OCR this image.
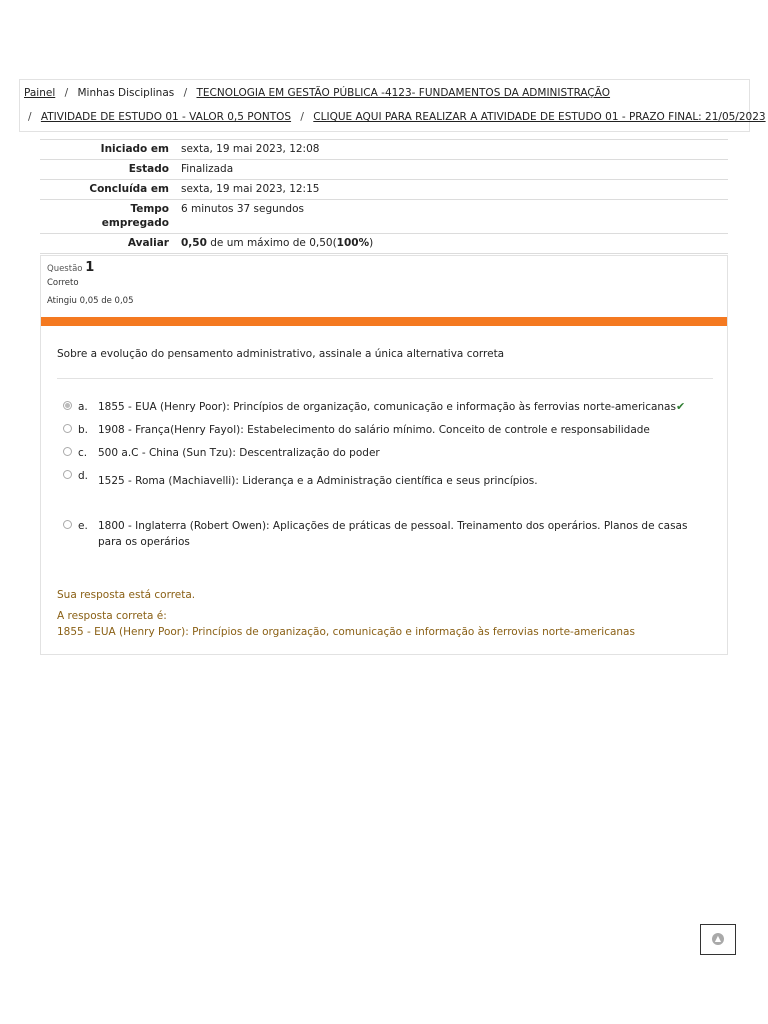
Painel / Minhas Disciplinas / TECNOLOGIA EM GESTÃO PÚBLICA -4123- FUNDAMENTOS DA ADMINISTRAÇÃO
/ ATIVIDADE DE ESTUDO 01 - VALOR 0,5 PONTOS / CLIQUE AQUI PARA REALIZAR A ATIVIDADE DE ESTUDO 01 - PRAZO FINAL: 21/05/2023
Iniciado em	sexta, 19 mai 2023, 12:08
Estado	Finalizada
Concluída em	sexta, 19 mai 2023, 12:15
Tempo empregado	6 minutos 37 segundos
Avaliar	0,50 de um máximo de 0,50(100%)
Questão 1
Correto
Atingiu 0,05 de 0,05
Sobre a evolução do pensamento administrativo, assinale a única alternativa correta
a. 1855 - EUA (Henry Poor): Princípios de organização, comunicação e informação às ferrovias norte-americanas✔
b. 1908 - França(Henry Fayol): Estabelecimento do salário mínimo. Conceito de controle e responsabilidade
c. 500 a.C - China (Sun Tzu): Descentralização do poder
d. 1525 - Roma (Machiavelli): Liderança e a Administração científica e seus princípios.
e. 1800 - Inglaterra (Robert Owen): Aplicações de práticas de pessoal. Treinamento dos operários. Planos de casas para os operários
Sua resposta está correta.
A resposta correta é:
1855 - EUA (Henry Poor): Princípios de organização, comunicação e informação às ferrovias norte-americanas
▲
